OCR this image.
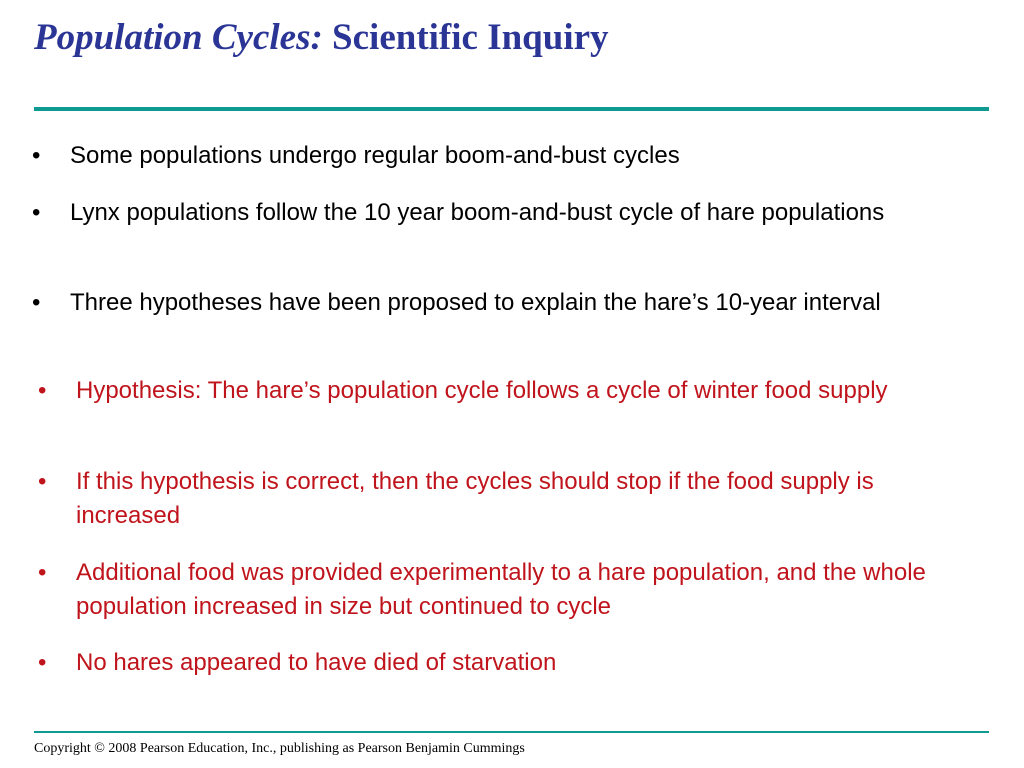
Population Cycles: Scientific Inquiry
•	Some populations undergo regular boom-and-bust cycles
•	Lynx populations follow the 10 year boom-and-bust cycle of hare populations
•	Three hypotheses have been proposed to explain the hare’s 10-year interval
•	Hypothesis: The hare’s population cycle follows a cycle of winter food supply
•	If this hypothesis is correct, then the cycles should stop if the food supply is increased
•	Additional food was provided experimentally to a hare population, and the whole population increased in size but continued to cycle
•	No hares appeared to have died of starvation
Copyright © 2008 Pearson Education, Inc., publishing as Pearson Benjamin Cummings
